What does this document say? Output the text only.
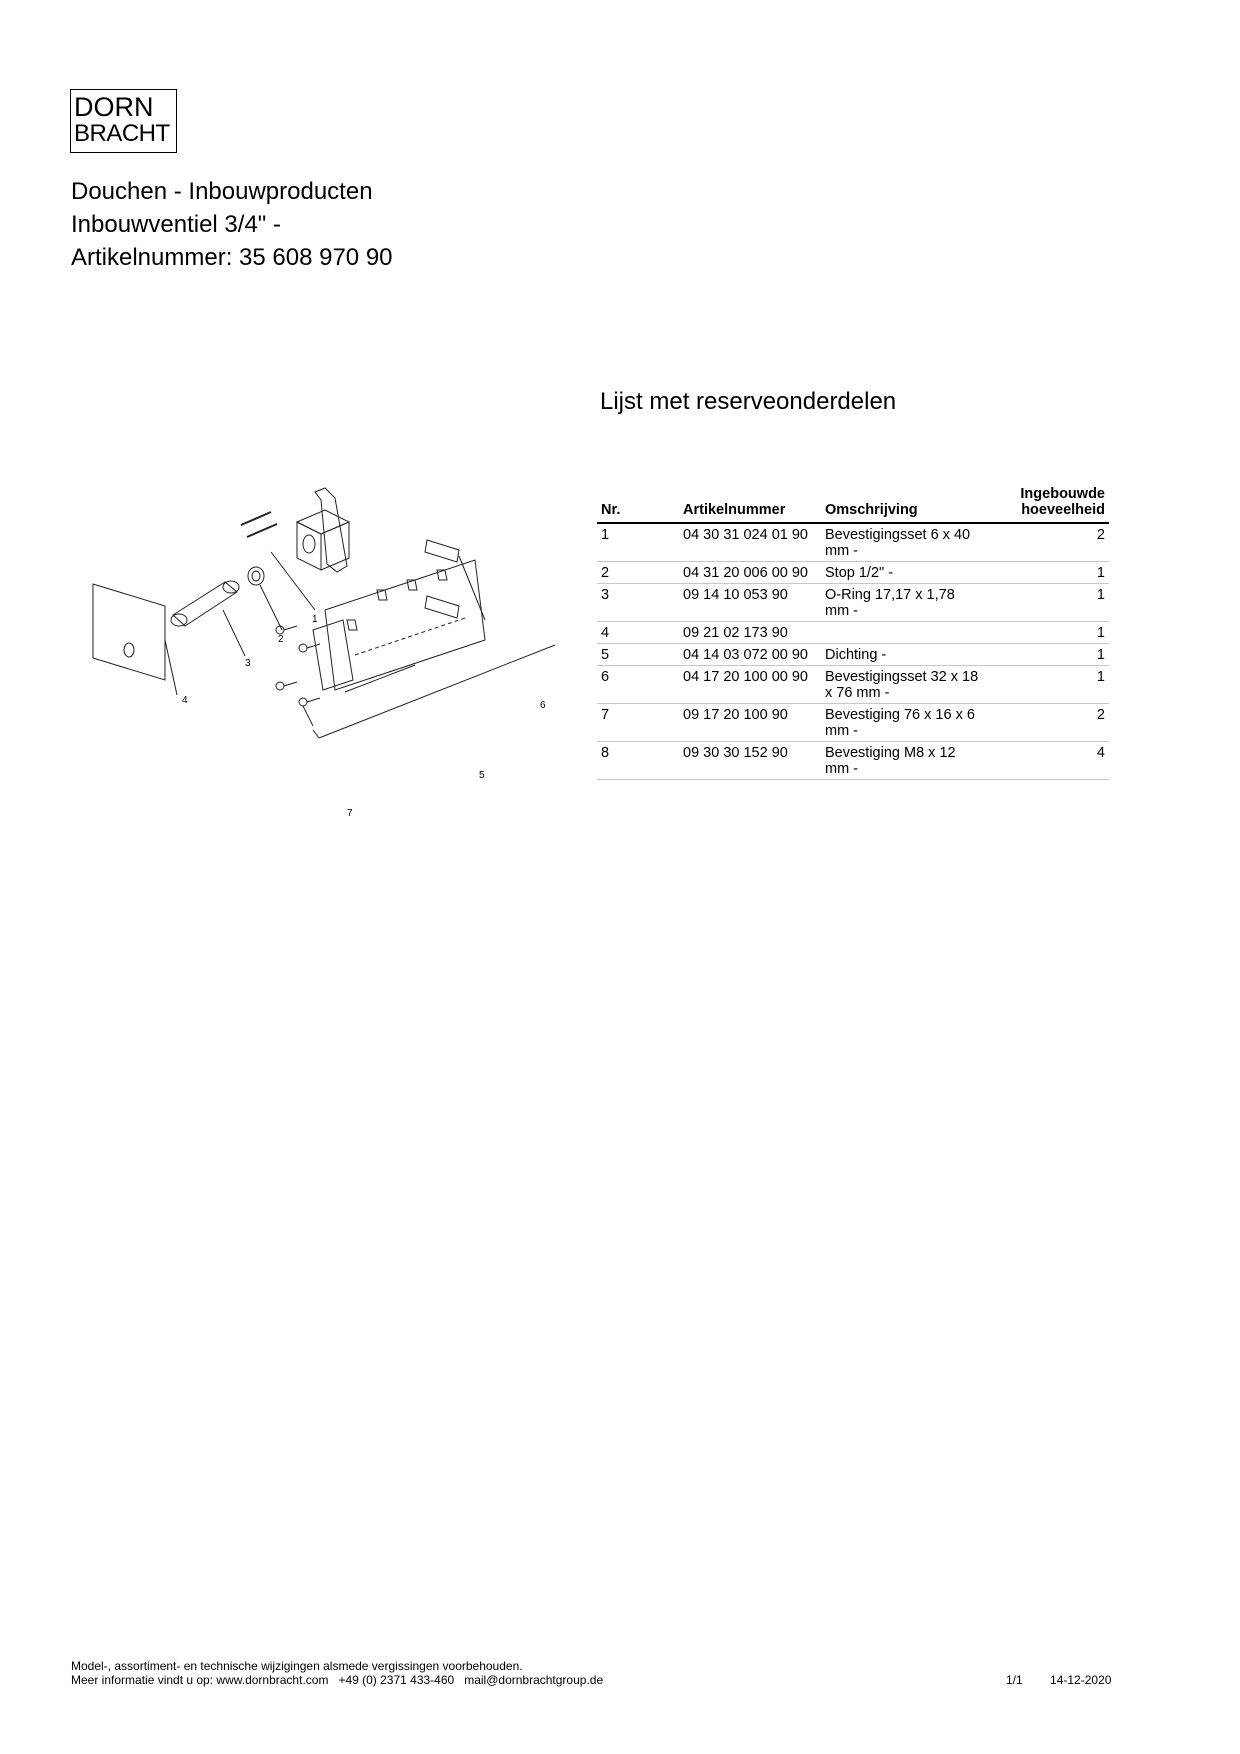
DORN
BRACHT
Douchen - Inbouwproducten
Inbouwventiel 3/4" -
Artikelnummer: 35 608 970 90
1
2
3
4
5
6
7
Lijst met reserveonderdelen
Nr.	Artikelnummer	Omschrijving	Ingebouwde
hoeveelheid

1	04 30 31 024 01 90	Bevestigingsset 6 x 40
mm -	2
2	04 31 20 006 00 90	Stop 1/2" -	1
3	09 14 10 053 90	O-Ring 17,17 x 1,78
mm -	1
4	09 21 02 173 90		1
5	04 14 03 072 00 90	Dichting -	1
6	04 17 20 100 00 90	Bevestigingsset 32 x 18
x 76 mm -	1
7	09 17 20 100 90	Bevestiging 76 x 16 x 6
mm -	2
8	09 30 30 152 90	Bevestiging M8 x 12
mm -	4
Model-, assortiment- en technische wijzigingen alsmede vergissingen voorbehouden.
Meer informatie vindt u op: www.dornbracht.com   +49 (0) 2371 433-460   mail@dornbrachtgroup.de	1/1 14-12-2020
